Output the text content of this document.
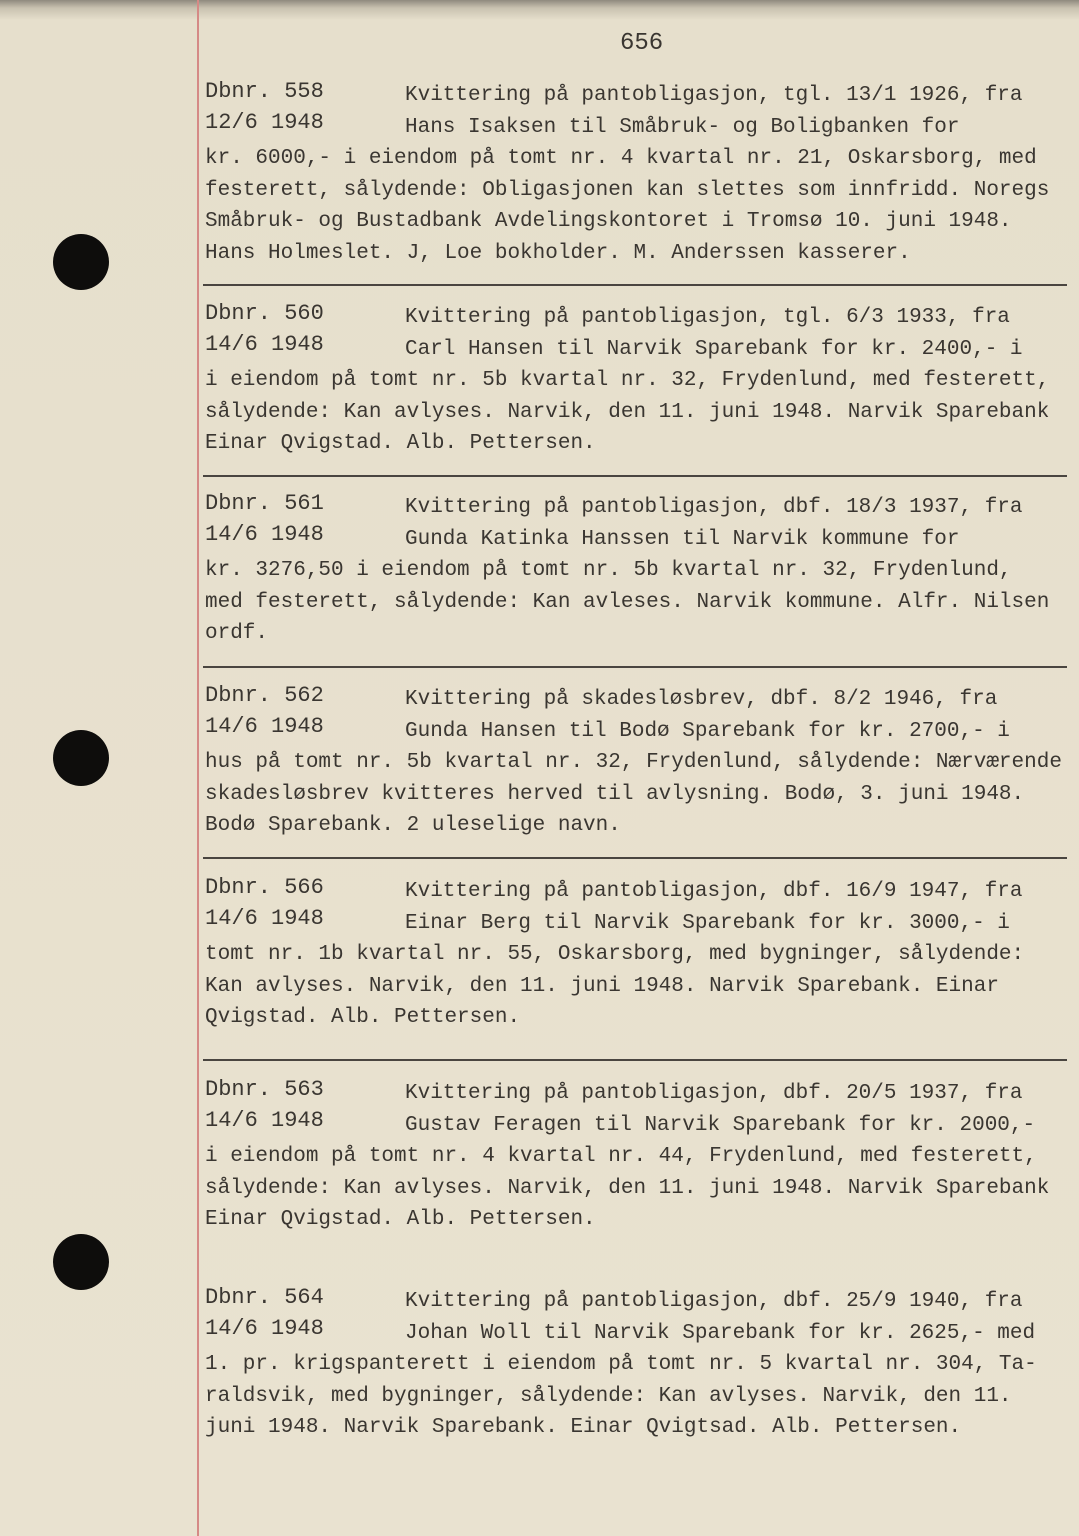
656
Dbnr. 558
12/6 1948
Kvittering på pantobligasjon, tgl. 13/1 1926, fra
Hans Isaksen til Småbruk- og Boligbanken for
kr. 6000,- i eiendom på tomt nr. 4 kvartal nr. 21, Oskarsborg, med
festerett, sålydende: Obligasjonen kan slettes som innfridd. Noregs
Småbruk- og Bustadbank Avdelingskontoret i Tromsø 10. juni 1948.
Hans Holmeslet. J, Loe bokholder. M. Anderssen kasserer.
Dbnr. 560
14/6 1948
Kvittering på pantobligasjon, tgl. 6/3 1933, fra
Carl Hansen til Narvik Sparebank for kr. 2400,- i
i eiendom på tomt nr. 5b kvartal nr. 32, Frydenlund, med festerett,
sålydende: Kan avlyses. Narvik, den 11. juni 1948. Narvik Sparebank
Einar Qvigstad. Alb. Pettersen.
Dbnr. 561
14/6 1948
Kvittering på pantobligasjon, dbf. 18/3 1937, fra
Gunda Katinka Hanssen til Narvik kommune for
kr. 3276,50 i eiendom på tomt nr. 5b kvartal nr. 32, Frydenlund,
med festerett, sålydende: Kan avleses. Narvik kommune. Alfr. Nilsen
ordf.
Dbnr. 562
14/6 1948
Kvittering på skadesløsbrev, dbf. 8/2 1946, fra
Gunda Hansen til Bodø Sparebank for kr. 2700,- i
hus på tomt nr. 5b kvartal nr. 32, Frydenlund, sålydende: Nærværende
skadesløsbrev kvitteres herved til avlysning. Bodø, 3. juni 1948.
Bodø Sparebank. 2 uleselige navn.
Dbnr. 566
14/6 1948
Kvittering på pantobligasjon, dbf. 16/9 1947, fra
Einar Berg til Narvik Sparebank for kr. 3000,- i
tomt nr. 1b kvartal nr. 55, Oskarsborg, med bygninger, sålydende:
Kan avlyses. Narvik, den 11. juni 1948. Narvik Sparebank. Einar
Qvigstad. Alb. Pettersen.
Dbnr. 563
14/6 1948
Kvittering på pantobligasjon, dbf. 20/5 1937, fra
Gustav Feragen til Narvik Sparebank for kr. 2000,-
i eiendom på tomt nr. 4 kvartal nr. 44, Frydenlund, med festerett,
sålydende: Kan avlyses. Narvik, den 11. juni 1948. Narvik Sparebank
Einar Qvigstad. Alb. Pettersen.
Dbnr. 564
14/6 1948
Kvittering på pantobligasjon, dbf. 25/9 1940, fra
Johan Woll til Narvik Sparebank for kr. 2625,- med
1. pr. krigspanterett i eiendom på tomt nr. 5 kvartal nr. 304, Ta-
raldsvik, med bygninger, sålydende: Kan avlyses. Narvik, den 11.
juni 1948. Narvik Sparebank. Einar Qvigtsad. Alb. Pettersen.
